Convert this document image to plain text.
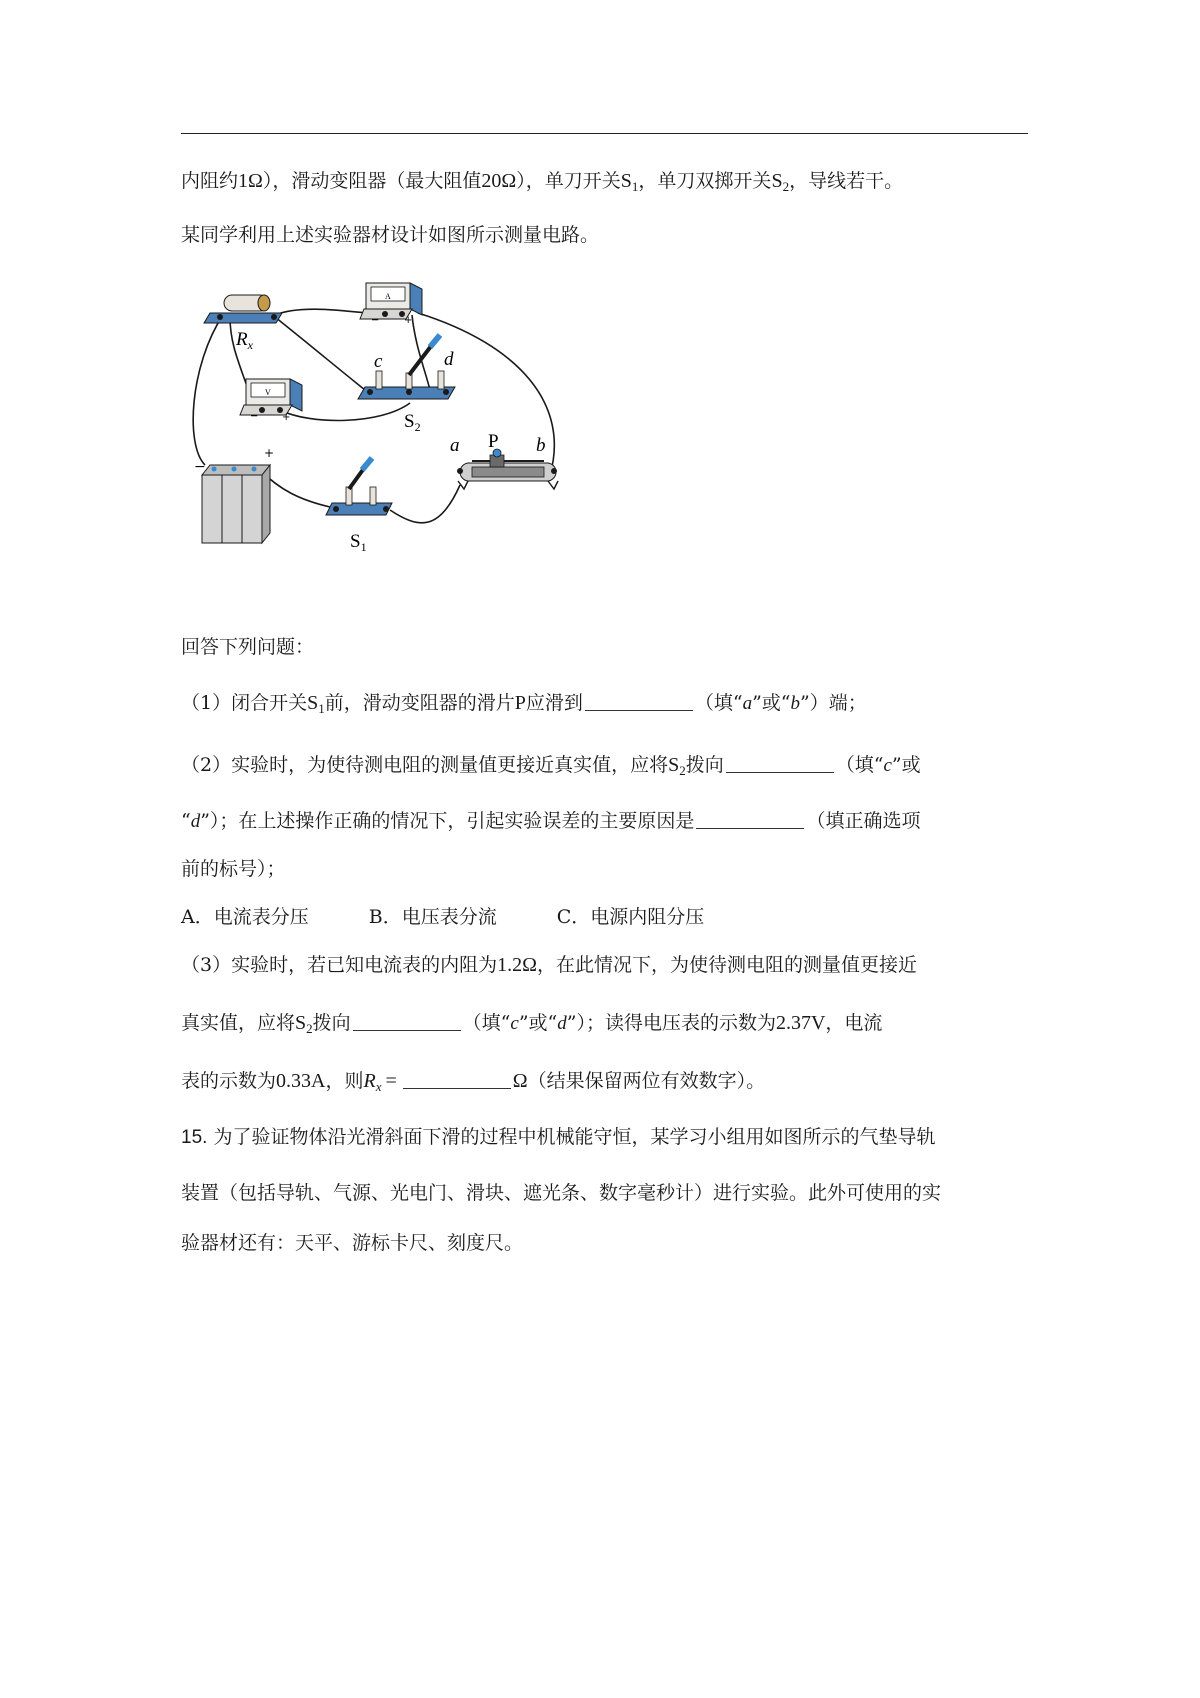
内阻约1Ω），滑动变阻器（最大阻值20Ω），单刀开关$S_1$，单刀双掷开关$S_2$，导线若干。
某同学利用上述实验器材设计如图所示测量电路。
$R_x$
A
− +
V
− +
c	d
$S_2$
−
+
$S_1$
a P b
回答下列问题：
（1）闭合开关$S_1$前，滑动变阻器的滑片P应滑到	（填“a”或“b”）端；
（2）实验时，为使待测电阻的测量值更接近真实值，应将$S_2$拨向	（填“c”或
“d”）；在上述操作正确的情况下，引起实验误差的主要原因是	（填正确选项
前的标号）；
A．电流表分压	B．电压表分流	C．电源内阻分压
（3）实验时，若已知电流表的内阻为1.2Ω，在此情况下，为使待测电阻的测量值更接近
真实值，应将$S_2$拨向	（填“c”或“d”）；读得电压表的示数为2.37V，电流
表的示数为0.33A，则$R_x$ =	Ω（结果保留两位有效数字）。
15. 为了验证物体沿光滑斜面下滑的过程中机械能守恒，某学习小组用如图所示的气垫导轨
装置（包括导轨、气源、光电门、滑块、遮光条、数字毫秒计）进行实验。此外可使用的实
验器材还有：天平、游标卡尺、刻度尺。
